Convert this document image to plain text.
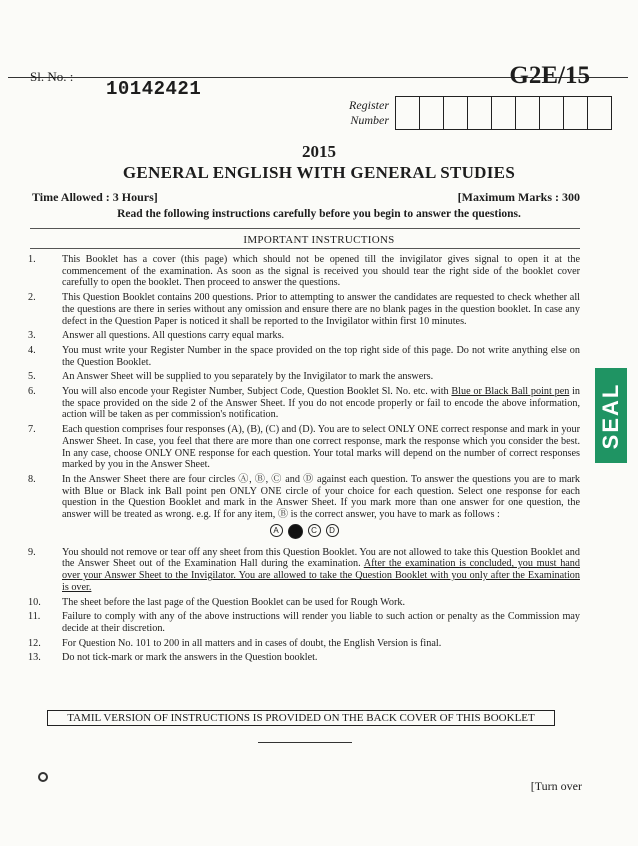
Sl. No. :
10142421	G2E/15
Register
Number
2015
GENERAL ENGLISH WITH GENERAL STUDIES
Time Allowed : 3 Hours]	[Maximum Marks : 300
Read the following instructions carefully before you begin to answer the questions.
IMPORTANT INSTRUCTIONS
1.	This Booklet has a cover (this page) which should not be opened till the invigilator gives signal to open it at the commencement of the examination. As soon as the signal is received you should tear the right side of the booklet cover carefully to open the booklet. Then proceed to answer the questions.
2.	This Question Booklet contains 200 questions. Prior to attempting to answer the candidates are requested to check whether all the questions are there in series without any omission and ensure there are no blank pages in the question booklet. In case any defect in the Question Paper is noticed it shall be reported to the Invigilator within first 10 minutes.
3.	Answer all questions. All questions carry equal marks.
4.	You must write your Register Number in the space provided on the top right side of this page. Do not write anything else on the Question Booklet.
5.	An Answer Sheet will be supplied to you separately by the Invigilator to mark the answers.
6.	You will also encode your Register Number, Subject Code, Question Booklet Sl. No. etc. with Blue or Black Ball point pen in the space provided on the side 2 of the Answer Sheet. If you do not encode properly or fail to encode the above information, action will be taken as per commission's notification.
7.	Each question comprises four responses (A), (B), (C) and (D). You are to select ONLY ONE correct response and mark in your Answer Sheet. In case, you feel that there are more than one correct response, mark the response which you consider the best. In any case, choose ONLY ONE response for each question. Your total marks will depend on the number of correct responses marked by you in the Answer Sheet.
8.	In the Answer Sheet there are four circles Ⓐ, Ⓑ, Ⓒ and Ⓓ against each question. To answer the questions you are to mark with Blue or Black ink Ball point pen ONLY ONE circle of your choice for each question. Select one response for each question in the Question Booklet and mark in the Answer Sheet. If you mark more than one answer for one question, the answer will be treated as wrong. e.g. If for any item, Ⓑ is the correct answer, you have to mark as follows :
A	B	C	D
9.	You should not remove or tear off any sheet from this Question Booklet. You are not allowed to take this Question Booklet and the Answer Sheet out of the Examination Hall during the examination. After the examination is concluded, you must hand over your Answer Sheet to the Invigilator. You are allowed to take the Question Booklet with you only after the Examination is over.
10.	The sheet before the last page of the Question Booklet can be used for Rough Work.
11.	Failure to comply with any of the above instructions will render you liable to such action or penalty as the Commission may decide at their discretion.
12.	For Question No. 101 to 200 in all matters and in cases of doubt, the English Version is final.
13.	Do not tick-mark or mark the answers in the Question booklet.
TAMIL VERSION OF INSTRUCTIONS IS PROVIDED ON THE BACK COVER OF THIS BOOKLET
[Turn over
SEAL
